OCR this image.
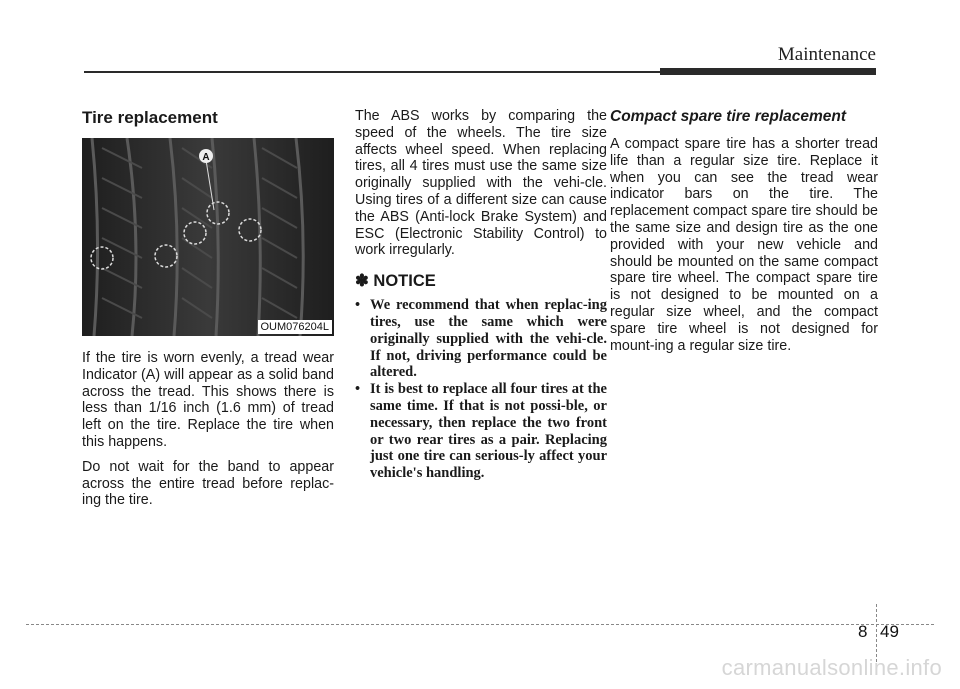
Maintenance
Tire replacement
A
OUM076204L

If the tire is worn evenly, a tread wear Indicator (A) will appear as a solid band across the tread. This shows there is less than 1/16 inch (1.6 mm) of tread left on the tire. Replace the tire when this happens.

Do not wait for the band to appear across the entire tread before replac-ing the tire.

The ABS works by comparing the speed of the wheels. The tire size affects wheel speed. When replacing tires, all 4 tires must use the same size originally supplied with the vehi-cle. Using tires of a different size can cause the ABS (Anti-lock Brake System) and ESC (Electronic Stability Control) to work irregularly.

✽ NOTICE
• We recommend that when replac-ing tires, use the same which were originally supplied with the vehi-cle. If not, driving performance could be altered.
• It is best to replace all four tires at the same time. If that is not possi-ble, or necessary, then replace the two front or two rear tires as a pair. Replacing just one tire can serious-ly affect your vehicle's handling.
Compact spare tire replacement

A compact spare tire has a shorter tread life than a regular size tire. Replace it when you can see the tread wear indicator bars on the tire. The replacement compact spare tire should be the same size and design tire as the one provided with your new vehicle and should be mounted on the same compact spare tire wheel. The compact spare tire is not designed to be mounted on a regular size wheel, and the compact spare tire wheel is not designed for mount-ing a regular size tire.

8 49
carmanualsonline.info
